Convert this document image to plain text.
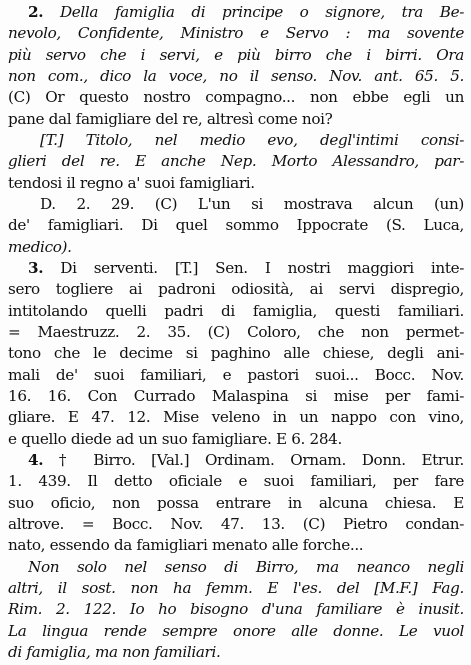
2. Della famiglia di principe o signore, tra Be-
nevolo, Confidente, Ministro e Servo : ma sovente
più servo che i servi, e più birro che i birri. Ora
non com., dico la voce, no il senso. Nov. ant. 65. 5.
(C) Or questo nostro compagno... non ebbe egli un
pane dal famigliare del re, altresì come noi?
[T.] Titolo, nel medio evo, degl'intimi consi-
glieri del re. E anche Nep. Morto Alessandro, par-
tendosi il regno a' suoi famigliari.
D. 2. 29. (C) L'un si mostrava alcun (un)
de' famigliari. Di quel sommo Ippocrate (S. Luca,
medico).
3. Di serventi. [T.] Sen. I nostri maggiori inte-
sero togliere ai padroni odiosità, ai servi dispregio,
intitolando quelli padri di famiglia, questi familiari.
= Maestruzz. 2. 35. (C) Coloro, che non permet-
tono che le decime si paghino alle chiese, degli ani-
mali de' suoi familiari, e pastori suoi... Bocc. Nov.
16. 16. Con Currado Malaspina si mise per fami-
gliare. E 47. 12. Mise veleno in un nappo con vino,
e quello diede ad un suo famigliare. E 6. 284.
4. † Birro. [Val.] Ordinam. Ornam. Donn. Etrur.
1. 439. Il detto oficiale e suoi familiari, per fare
suo oficio, non possa entrare in alcuna chiesa. E
altrove. = Bocc. Nov. 47. 13. (C) Pietro condan-
nato, essendo da famigliari menato alle forche...
Non solo nel senso di Birro, ma neanco negli
altri, il sost. non ha femm. E l'es. del [M.F.] Fag.
Rim. 2. 122. Io ho bisogno d'una familiare è inusit.
La lingua rende sempre onore alle donne. Le vuol
di famiglia, ma non familiari.
